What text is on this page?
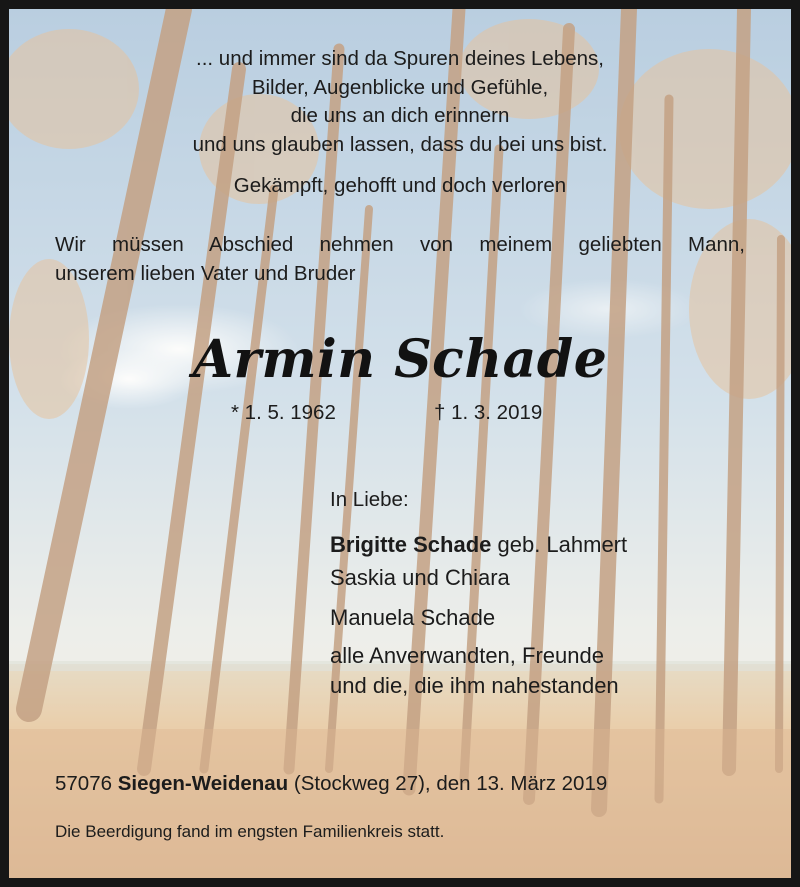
... und immer sind da Spuren deines Lebens,
Bilder, Augenblicke und Gefühle,
die uns an dich erinnern
und uns glauben lassen, dass du bei uns bist.
Gekämpft, gehofft und doch verloren
Wir müssen Abschied nehmen von meinem geliebten Mann,
unserem lieben Vater und Bruder
Armin Schade
* 1. 5. 1962	† 1. 3. 2019
In Liebe:
Brigitte Schade geb. Lahmert
Saskia und Chiara
Manuela Schade
alle Anverwandten, Freunde
und die, die ihm nahestanden
57076 Siegen-Weidenau (Stockweg 27), den 13. März 2019
Die Beerdigung fand im engsten Familienkreis statt.
